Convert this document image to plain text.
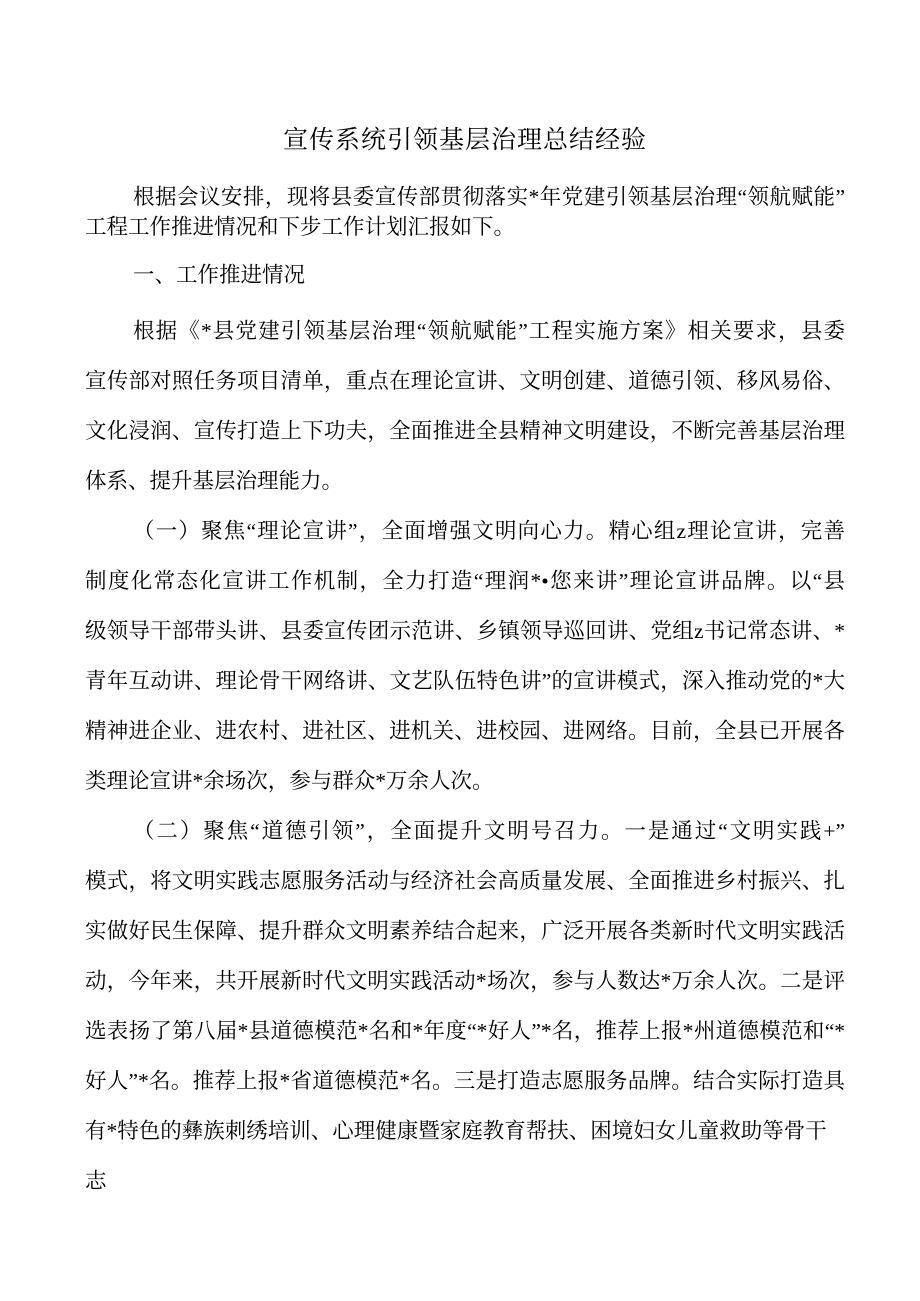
宣传系统引领基层治理总结经验
根据会议安排，现将县委宣传部贯彻落实*年党建引领基层治理“领航赋能”
工程工作推进情况和下步工作计划汇报如下。
一、工作推进情况
根据《*县党建引领基层治理“领航赋能”工程实施方案》相关要求，县委
宣传部对照任务项目清单，重点在理论宣讲、文明创建、道德引领、移风易俗、
文化浸润、宣传打造上下功夫，全面推进全县精神文明建设，不断完善基层治理
体系、提升基层治理能力。
（一）聚焦“理论宣讲”，全面增强文明向心力。精心组z理论宣讲，完善
制度化常态化宣讲工作机制，全力打造“理润*•您来讲”理论宣讲品牌。以“县
级领导干部带头讲、县委宣传团示范讲、乡镇领导巡回讲、党组z书记常态讲、*
青年互动讲、理论骨干网络讲、文艺队伍特色讲”的宣讲模式，深入推动党的*大
精神进企业、进农村、进社区、进机关、进校园、进网络。目前，全县已开展各
类理论宣讲*余场次，参与群众*万余人次。
（二）聚焦“道德引领”，全面提升文明号召力。一是通过“文明实践+”
模式，将文明实践志愿服务活动与经济社会高质量发展、全面推进乡村振兴、扎
实做好民生保障、提升群众文明素养结合起来，广泛开展各类新时代文明实践活
动，今年来，共开展新时代文明实践活动*场次，参与人数达*万余人次。二是评
选表扬了第八届*县道德模范*名和*年度“*好人”*名，推荐上报*州道德模范和“*
好人”*名。推荐上报*省道德模范*名。三是打造志愿服务品牌。结合实际打造具
有*特色的彝族刺绣培训、心理健康暨家庭教育帮扶、困境妇女儿童救助等骨干志
